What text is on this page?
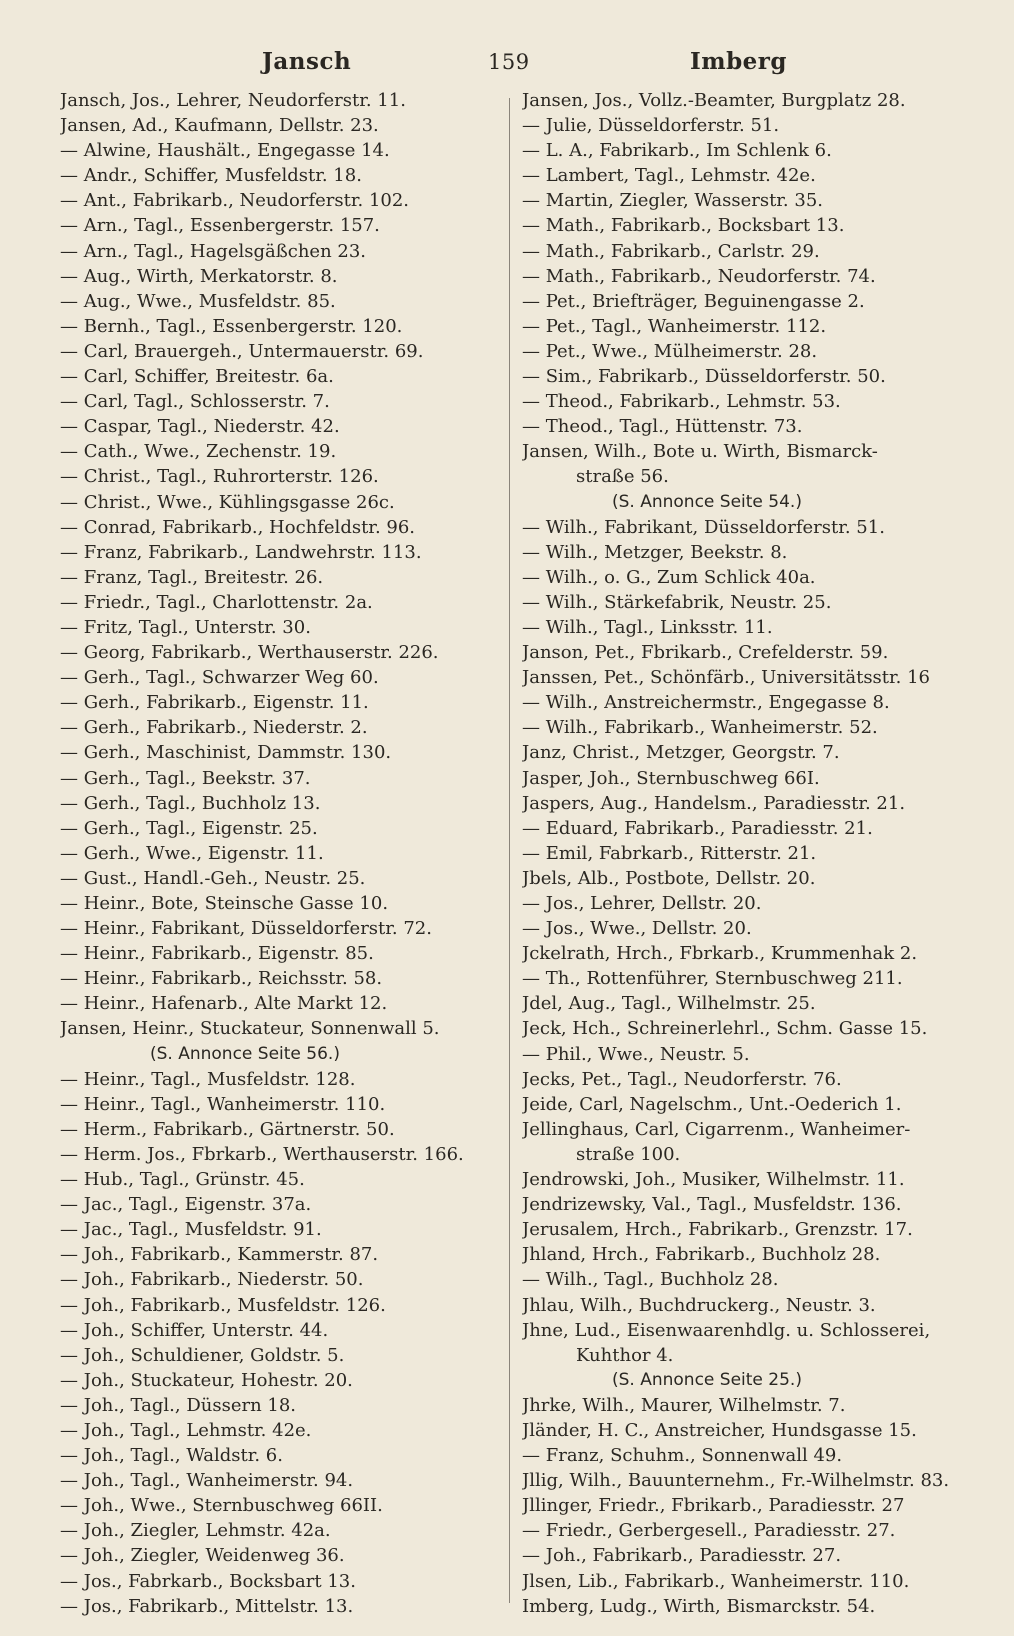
Jansch	159	Imberg
Jansch, Jos., Lehrer, Neudorferstr. 11.
Jansen, Ad., Kaufmann, Dellstr. 23.
— Alwine, Haushält., Engegasse 14.
— Andr., Schiffer, Musfeldstr. 18.
— Ant., Fabrikarb., Neudorferstr. 102.
— Arn., Tagl., Essenbergerstr. 157.
— Arn., Tagl., Hagelsgäßchen 23.
— Aug., Wirth, Merkatorstr. 8.
— Aug., Wwe., Musfeldstr. 85.
— Bernh., Tagl., Essenbergerstr. 120.
— Carl, Brauergeh., Untermauerstr. 69.
— Carl, Schiffer, Breitestr. 6a.
— Carl, Tagl., Schlosserstr. 7.
— Caspar, Tagl., Niederstr. 42.
— Cath., Wwe., Zechenstr. 19.
— Christ., Tagl., Ruhrorterstr. 126.
— Christ., Wwe., Kühlingsgasse 26c.
— Conrad, Fabrikarb., Hochfeldstr. 96.
— Franz, Fabrikarb., Landwehrstr. 113.
— Franz, Tagl., Breitestr. 26.
— Friedr., Tagl., Charlottenstr. 2a.
— Fritz, Tagl., Unterstr. 30.
— Georg, Fabrikarb., Werthauserstr. 226.
— Gerh., Tagl., Schwarzer Weg 60.
— Gerh., Fabrikarb., Eigenstr. 11.
— Gerh., Fabrikarb., Niederstr. 2.
— Gerh., Maschinist, Dammstr. 130.
— Gerh., Tagl., Beekstr. 37.
— Gerh., Tagl., Buchholz 13.
— Gerh., Tagl., Eigenstr. 25.
— Gerh., Wwe., Eigenstr. 11.
— Gust., Handl.-Geh., Neustr. 25.
— Heinr., Bote, Steinsche Gasse 10.
— Heinr., Fabrikant, Düsseldorferstr. 72.
— Heinr., Fabrikarb., Eigenstr. 85.
— Heinr., Fabrikarb., Reichsstr. 58.
— Heinr., Hafenarb., Alte Markt 12.
Jansen, Heinr., Stuckateur, Sonnenwall 5.
(S. Annonce Seite 56.)
— Heinr., Tagl., Musfeldstr. 128.
— Heinr., Tagl., Wanheimerstr. 110.
— Herm., Fabrikarb., Gärtnerstr. 50.
— Herm. Jos., Fbrkarb., Werthauserstr. 166.
— Hub., Tagl., Grünstr. 45.
— Jac., Tagl., Eigenstr. 37a.
— Jac., Tagl., Musfeldstr. 91.
— Joh., Fabrikarb., Kammerstr. 87.
— Joh., Fabrikarb., Niederstr. 50.
— Joh., Fabrikarb., Musfeldstr. 126.
— Joh., Schiffer, Unterstr. 44.
— Joh., Schuldiener, Goldstr. 5.
— Joh., Stuckateur, Hohestr. 20.
— Joh., Tagl., Düssern 18.
— Joh., Tagl., Lehmstr. 42e.
— Joh., Tagl., Waldstr. 6.
— Joh., Tagl., Wanheimerstr. 94.
— Joh., Wwe., Sternbuschweg 66II.
— Joh., Ziegler, Lehmstr. 42a.
— Joh., Ziegler, Weidenweg 36.
— Jos., Fabrkarb., Bocksbart 13.
— Jos., Fabrikarb., Mittelstr. 13.
Jansen, Jos., Vollz.-Beamter, Burgplatz 28.
— Julie, Düsseldorferstr. 51.
— L. A., Fabrikarb., Im Schlenk 6.
— Lambert, Tagl., Lehmstr. 42e.
— Martin, Ziegler, Wasserstr. 35.
— Math., Fabrikarb., Bocksbart 13.
— Math., Fabrikarb., Carlstr. 29.
— Math., Fabrikarb., Neudorferstr. 74.
— Pet., Briefträger, Beguinengasse 2.
— Pet., Tagl., Wanheimerstr. 112.
— Pet., Wwe., Mülheimerstr. 28.
— Sim., Fabrikarb., Düsseldorferstr. 50.
— Theod., Fabrikarb., Lehmstr. 53.
— Theod., Tagl., Hüttenstr. 73.
Jansen, Wilh., Bote u. Wirth, Bismarck-
straße 56.
(S. Annonce Seite 54.)
— Wilh., Fabrikant, Düsseldorferstr. 51.
— Wilh., Metzger, Beekstr. 8.
— Wilh., o. G., Zum Schlick 40a.
— Wilh., Stärkefabrik, Neustr. 25.
— Wilh., Tagl., Linksstr. 11.
Janson, Pet., Fbrikarb., Crefelderstr. 59.
Janssen, Pet., Schönfärb., Universitätsstr. 16
— Wilh., Anstreichermstr., Engegasse 8.
— Wilh., Fabrikarb., Wanheimerstr. 52.
Janz, Christ., Metzger, Georgstr. 7.
Jasper, Joh., Sternbuschweg 66I.
Jaspers, Aug., Handelsm., Paradiesstr. 21.
— Eduard, Fabrikarb., Paradiesstr. 21.
— Emil, Fabrkarb., Ritterstr. 21.
Jbels, Alb., Postbote, Dellstr. 20.
— Jos., Lehrer, Dellstr. 20.
— Jos., Wwe., Dellstr. 20.
Jckelrath, Hrch., Fbrkarb., Krummenhak 2.
— Th., Rottenführer, Sternbuschweg 211.
Jdel, Aug., Tagl., Wilhelmstr. 25.
Jeck, Hch., Schreinerlehrl., Schm. Gasse 15.
— Phil., Wwe., Neustr. 5.
Jecks, Pet., Tagl., Neudorferstr. 76.
Jeide, Carl, Nagelschm., Unt.-Oederich 1.
Jellinghaus, Carl, Cigarrenm., Wanheimer-
straße 100.
Jendrowski, Joh., Musiker, Wilhelmstr. 11.
Jendrizewsky, Val., Tagl., Musfeldstr. 136.
Jerusalem, Hrch., Fabrikarb., Grenzstr. 17.
Jhland, Hrch., Fabrikarb., Buchholz 28.
— Wilh., Tagl., Buchholz 28.
Jhlau, Wilh., Buchdruckerg., Neustr. 3.
Jhne, Lud., Eisenwaarenhdlg. u. Schlosserei,
Kuhthor 4.
(S. Annonce Seite 25.)
Jhrke, Wilh., Maurer, Wilhelmstr. 7.
Jländer, H. C., Anstreicher, Hundsgasse 15.
— Franz, Schuhm., Sonnenwall 49.
Jllig, Wilh., Bauunternehm., Fr.-Wilhelmstr. 83.
Jllinger, Friedr., Fbrikarb., Paradiesstr. 27
— Friedr., Gerbergesell., Paradiesstr. 27.
— Joh., Fabrikarb., Paradiesstr. 27.
Jlsen, Lib., Fabrikarb., Wanheimerstr. 110.
Imberg, Ludg., Wirth, Bismarckstr. 54.
